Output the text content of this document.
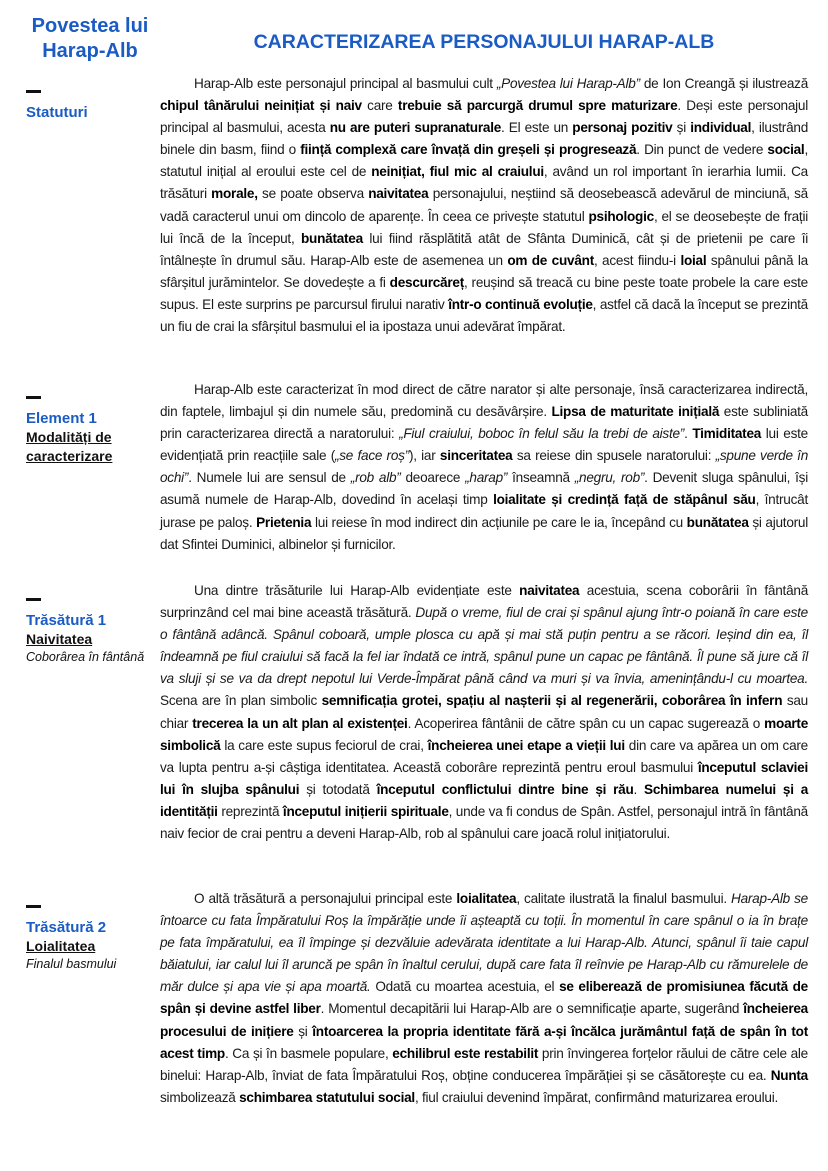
Povestea lui Harap-Alb	CARACTERIZAREA PERSONAJULUI HARAP-ALB
Statuturi
Harap-Alb este personajul principal al basmului cult „Povestea lui Harap-Alb” de Ion Creangă și ilustrează chipul tânărului neinițiat și naiv care trebuie să parcurgă drumul spre maturizare. Deși este personajul principal al basmului, acesta nu are puteri supranaturale. El este un personaj pozitiv și individual, ilustrând binele din basm, fiind o ființă complexă care învață din greșeli și progresează. Din punct de vedere social, statutul inițial al eroului este cel de neinițiat, fiul mic al craiului, având un rol important în ierarhia lumii. Ca trăsături morale, se poate observa naivitatea personajului, neștiind să deosebească adevărul de minciună, să vadă caracterul unui om dincolo de aparențe. În ceea ce privește statutul psihologic, el se deosebește de frații lui încă de la început, bunătatea lui fiind răsplătită atât de Sfânta Duminică, cât și de prietenii pe care îi întâlnește în drumul său. Harap-Alb este de asemenea un om de cuvânt, acest fiindu-i loial spânului până la sfârșitul jurămintelor. Se dovedește a fi descurcăreț, reușind să treacă cu bine peste toate probele la care este supus. El este surprins pe parcursul firului narativ într-o continuă evoluție, astfel că dacă la început se prezintă un fiu de crai la sfârșitul basmului el ia ipostaza unui adevărat împărat.
Element 1
Modalități de caracterizare
Harap-Alb este caracterizat în mod direct de către narator și alte personaje, însă caracterizarea indirectă, din faptele, limbajul și din numele său, predomină cu desăvârșire. Lipsa de maturitate inițială este subliniată prin caracterizarea directă a naratorului: „Fiul craiului, boboc în felul său la trebi de aiste”. Timiditatea lui este evidențiată prin reacțiile sale („se face roș”), iar sinceritatea sa reiese din spusele naratorului: „spune verde în ochi”. Numele lui are sensul de „rob alb” deoarece „harap” înseamnă „negru, rob”. Devenit sluga spânului, își asumă numele de Harap-Alb, dovedind în același timp loialitate și credință față de stăpânul său, întrucât jurase pe paloș. Prietenia lui reiese în mod indirect din acțiunile pe care le ia, începând cu bunătatea și ajutorul dat Sfintei Duminici, albinelor și furnicilor.
Trăsătură 1
Naivitatea
Coborârea în fântână
Una dintre trăsăturile lui Harap-Alb evidențiate este naivitatea acestuia, scena coborârii în fântână surprinzând cel mai bine această trăsătură. După o vreme, fiul de crai și spânul ajung într-o poiană în care este o fântână adâncă. Spânul coboară, umple plosca cu apă și mai stă puțin pentru a se răcori. Ieșind din ea, îl îndeamnă pe fiul craiului să facă la fel iar îndată ce intră, spânul pune un capac pe fântână. Îl pune să jure că îl va sluji și se va da drept nepotul lui Verde-Împărat până când va muri și va învia, amenințându-l cu moartea. Scena are în plan simbolic semnificația grotei, spațiu al nașterii și al regenerării, coborârea în infern sau chiar trecerea la un alt plan al existenței. Acoperirea fântânii de către spân cu un capac sugerează o moarte simbolică la care este supus feciorul de crai, încheierea unei etape a vieții lui din care va apărea un om care va lupta pentru a-și câștiga identitatea. Această coborâre reprezintă pentru eroul basmului începutul sclaviei lui în slujba spânului și totodată începutul conflictului dintre bine și rău. Schimbarea numelui și a identității reprezintă începutul inițierii spirituale, unde va fi condus de Spân. Astfel, personajul intră în fântână naiv fecior de crai pentru a deveni Harap-Alb, rob al spânului care joacă rolul inițiatorului.
Trăsătură 2
Loialitatea
Finalul basmului
O altă trăsătură a personajului principal este loialitatea, calitate ilustrată la finalul basmului. Harap-Alb se întoarce cu fata Împăratului Roș la împărăție unde îi așteaptă cu toții. În momentul în care spânul o ia în brațe pe fata împăratului, ea îl împinge și dezvăluie adevărata identitate a lui Harap-Alb. Atunci, spânul îi taie capul băiatului, iar calul lui îl aruncă pe spân în înaltul cerului, după care fata îl reînvie pe Harap-Alb cu rămurelele de măr dulce și apa vie și apa moartă. Odată cu moartea acestuia, el se eliberează de promisiunea făcută de spân și devine astfel liber. Momentul decapitării lui Harap-Alb are o semnificație aparte, sugerând încheierea procesului de inițiere și întoarcerea la propria identitate fără a-și încălca jurământul față de spân în tot acest timp. Ca și în basmele populare, echilibrul este restabilit prin învingerea forțelor răului de către cele ale binelui: Harap-Alb, înviat de fata Împăratului Roș, obține conducerea împărăției și se căsătorește cu ea. Nunta simbolizează schimbarea statutului social, fiul craiului devenind împărat, confirmând maturizarea eroului.
